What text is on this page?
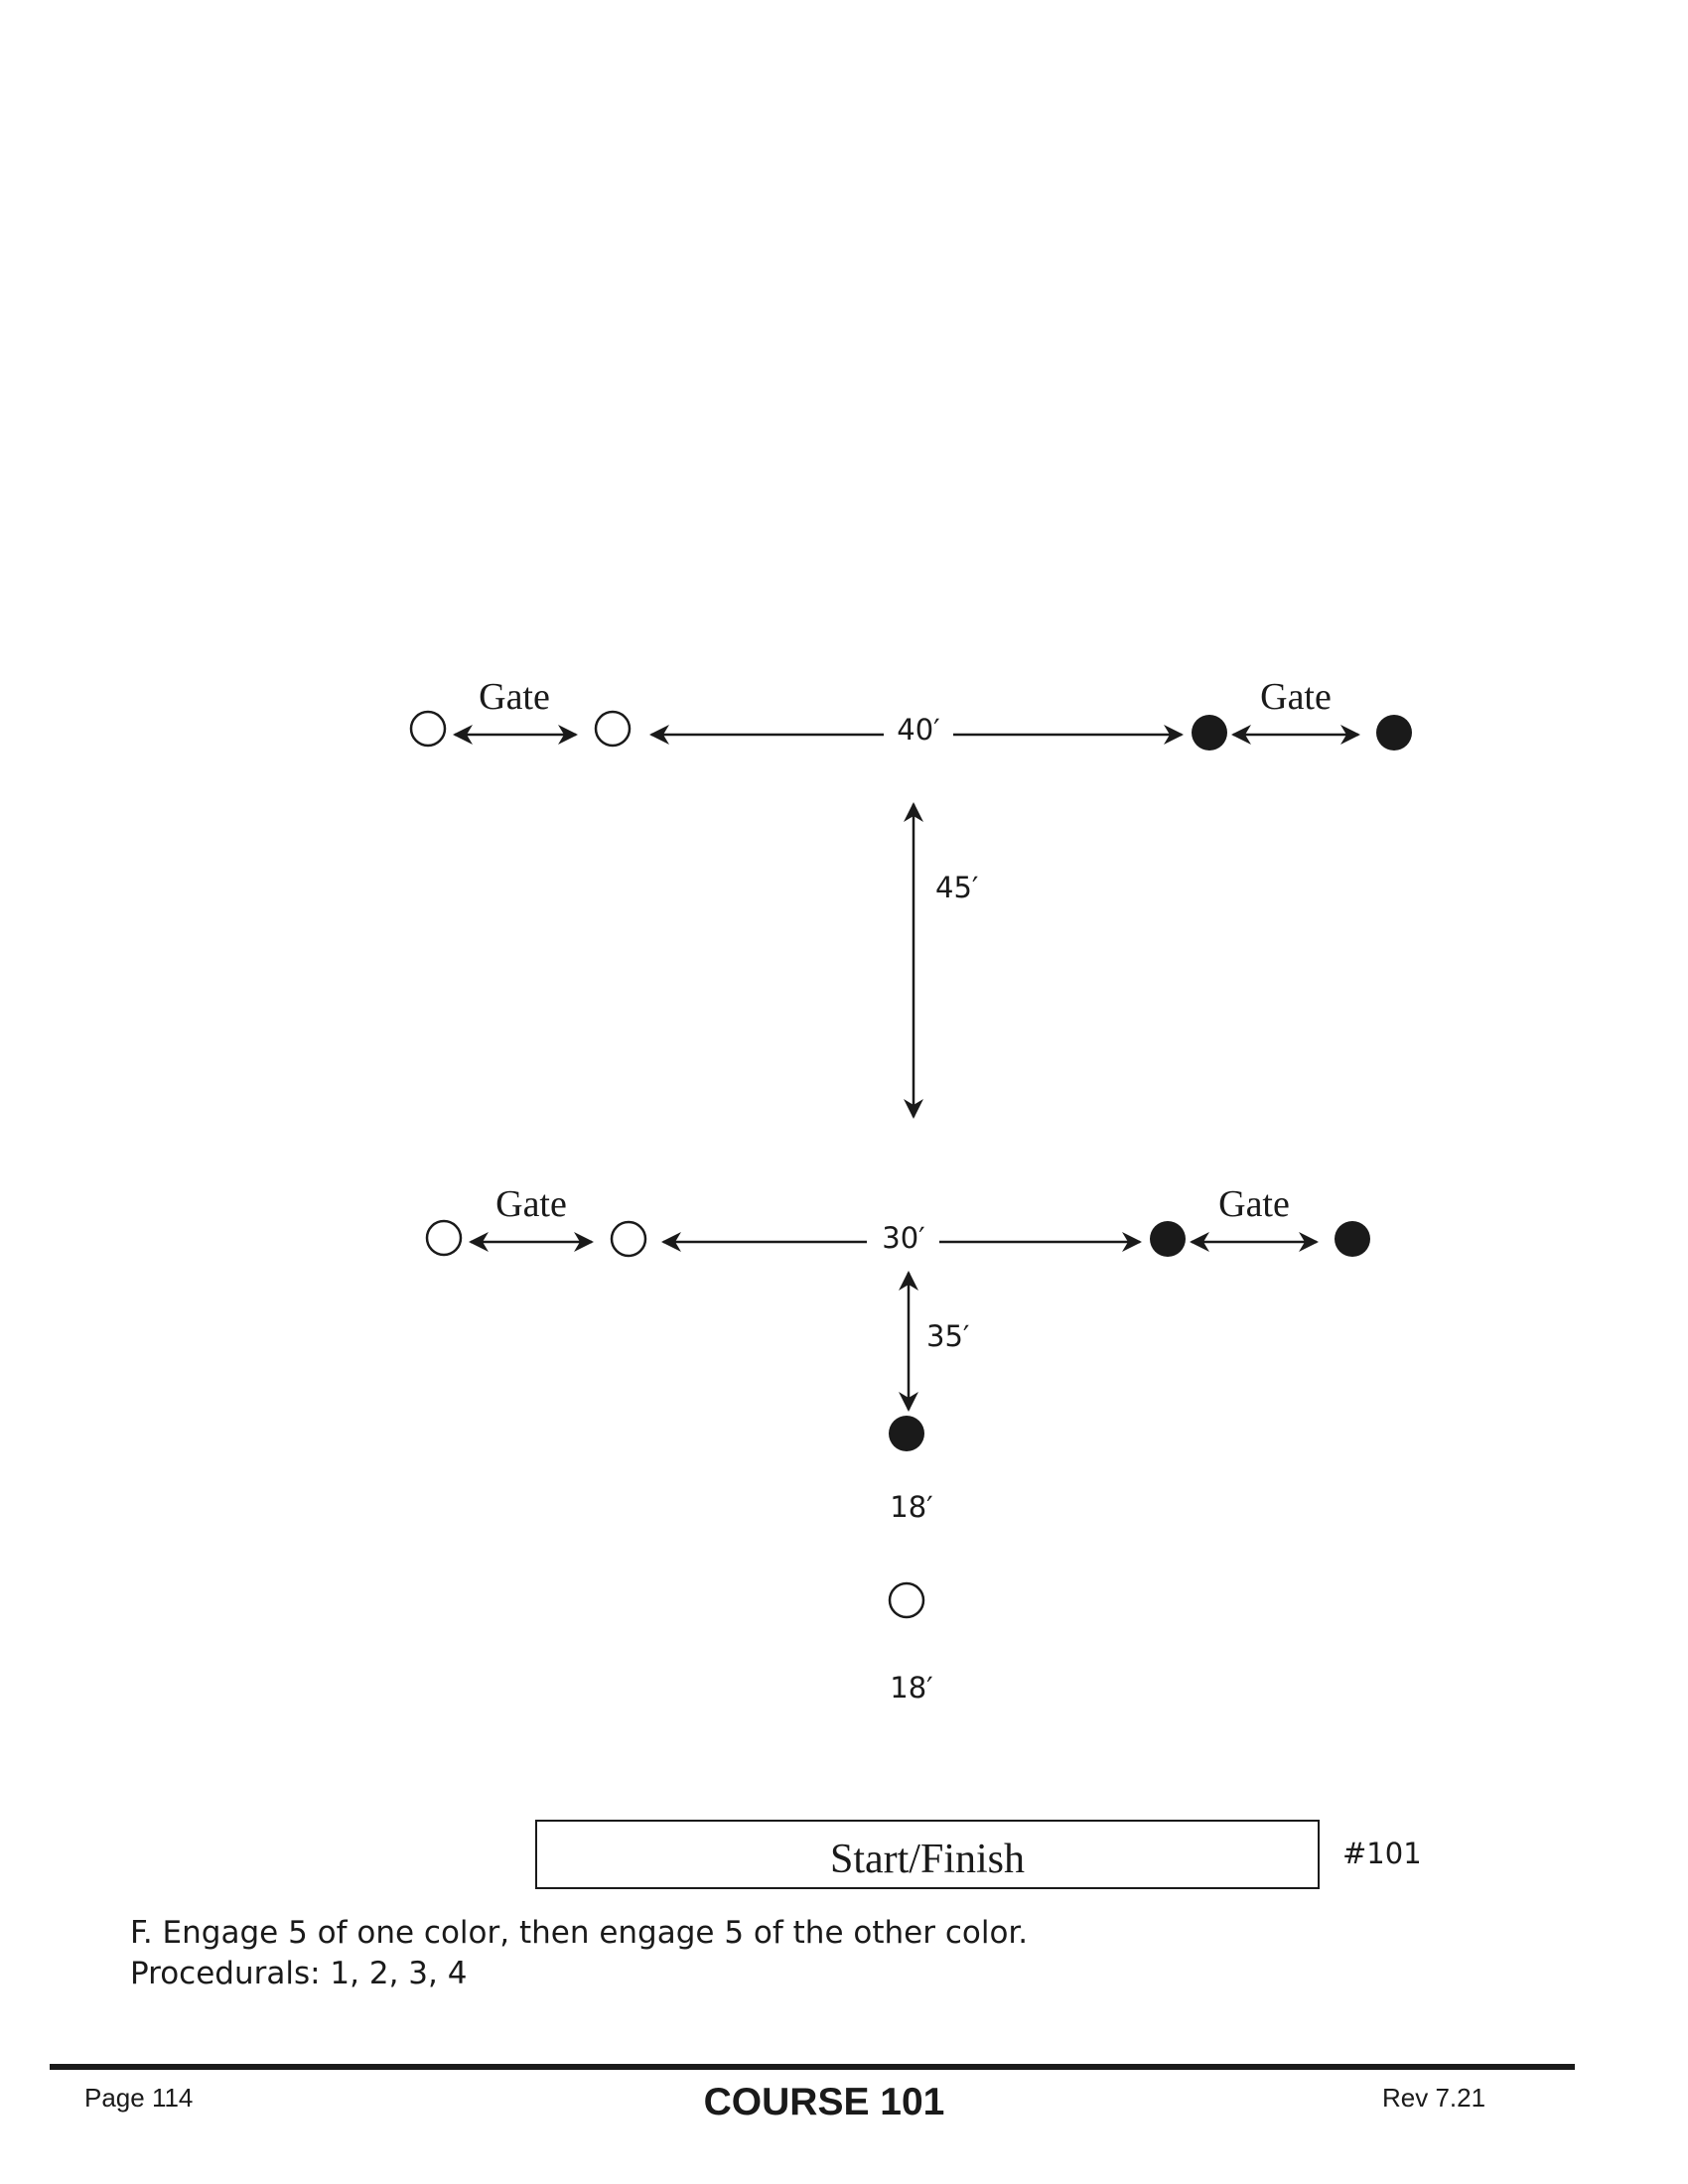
Gate
40′
Gate
45′
Gate
30′
Gate
35′
18′
18′
Start/Finish	#101
F. Engage 5 of one color, then engage 5 of the other color.
Procedurals: 1, 2, 3, 4
Page 114	COURSE 101	Rev 7.21
